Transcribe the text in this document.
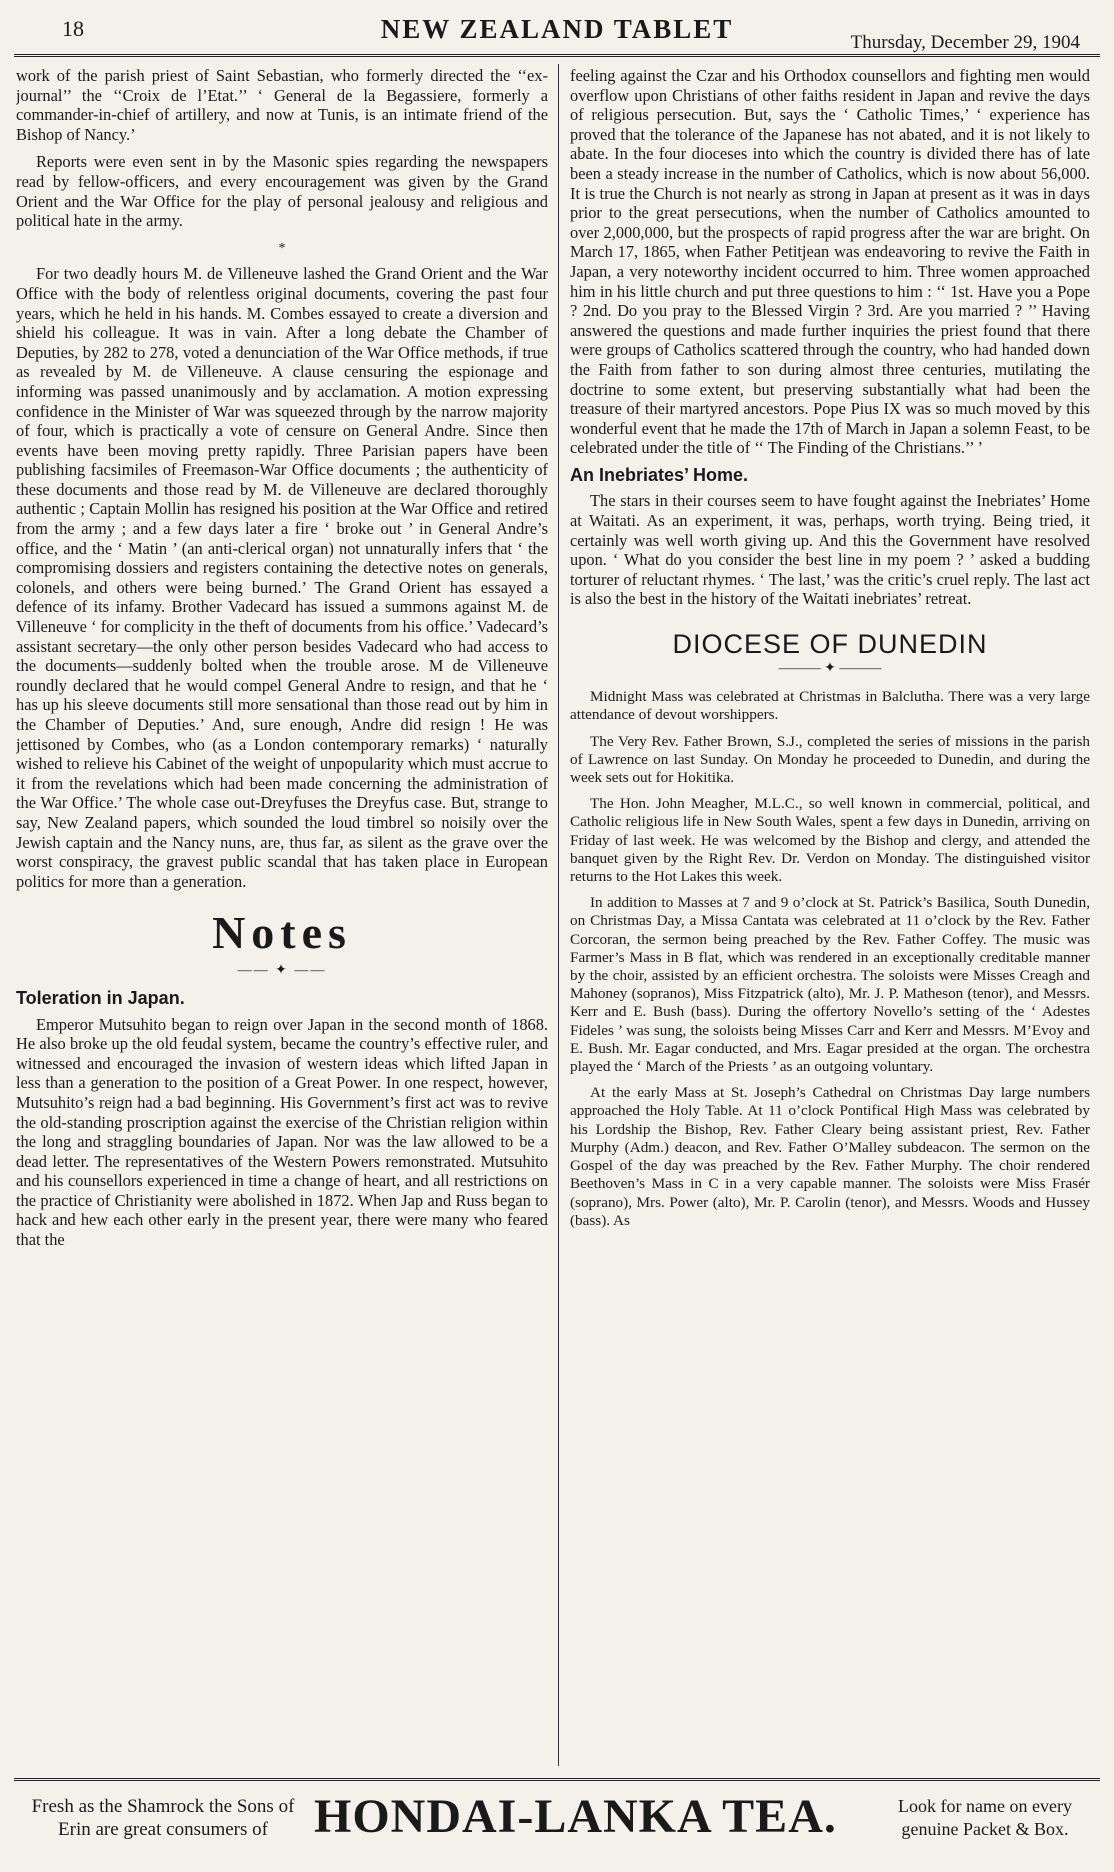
18	NEW ZEALAND TABLET	Thursday, December 29, 1904

work of the parish priest of Saint Sebastian, who formerly directed the ‘‘ex-journal’’ the ‘‘Croix de l’Etat.’’ ‘ General de la Begassiere, formerly a commander-in-chief of artillery, and now at Tunis, is an intimate friend of the Bishop of Nancy.’

Reports were even sent in by the Masonic spies regarding the newspapers read by fellow-officers, and every encouragement was given by the Grand Orient and the War Office for the play of personal jealousy and religious and political hate in the army.

*

For two deadly hours M. de Villeneuve lashed the Grand Orient and the War Office with the body of relentless original documents, covering the past four years, which he held in his hands. M. Combes essayed to create a diversion and shield his colleague. It was in vain. After a long debate the Chamber of Deputies, by 282 to 278, voted a denunciation of the War Office methods, if true as revealed by M. de Villeneuve. A clause censuring the espionage and informing was passed unanimously and by acclamation. A motion expressing confidence in the Minister of War was squeezed through by the narrow majority of four, which is practically a vote of censure on General Andre. Since then events have been moving pretty rapidly. Three Parisian papers have been publishing facsimiles of Freemason-War Office documents ; the authenticity of these documents and those read by M. de Villeneuve are declared thoroughly authentic ; Captain Mollin has resigned his position at the War Office and retired from the army ; and a few days later a fire ‘ broke out ’ in General Andre’s office, and the ‘ Matin ’ (an anti-clerical organ) not unnaturally infers that ‘ the compromising dossiers and registers containing the detective notes on generals, colonels, and others were being burned.’ The Grand Orient has essayed a defence of its infamy. Brother Vadecard has issued a summons against M. de Villeneuve ‘ for complicity in the theft of documents from his office.’ Vadecard’s assistant secretary—the only other person besides Vadecard who had access to the documents—suddenly bolted when the trouble arose. M de Villeneuve roundly declared that he would compel General Andre to resign, and that he ‘ has up his sleeve documents still more sensational than those read out by him in the Chamber of Deputies.’ And, sure enough, Andre did resign ! He was jettisoned by Combes, who (as a London contemporary remarks) ‘ naturally wished to relieve his Cabinet of the weight of unpopularity which must accrue to it from the revelations which had been made concerning the administration of the War Office.’ The whole case out-Dreyfuses the Dreyfus case. But, strange to say, New Zealand papers, which sounded the loud timbrel so noisily over the Jewish captain and the Nancy nuns, are, thus far, as silent as the grave over the worst conspiracy, the gravest public scandal that has taken place in European politics for more than a generation.

Notes
—— ✦ ——
Toleration in Japan.

Emperor Mutsuhito began to reign over Japan in the second month of 1868. He also broke up the old feudal system, became the country’s effective ruler, and witnessed and encouraged the invasion of western ideas which lifted Japan in less than a generation to the position of a Great Power. In one respect, however, Mutsuhito’s reign had a bad beginning. His Government’s first act was to revive the old-standing proscription against the exercise of the Christian religion within the long and straggling boundaries of Japan. Nor was the law allowed to be a dead letter. The representatives of the Western Powers remonstrated. Mutsuhito and his counsellors experienced in time a change of heart, and all restrictions on the practice of Christianity were abolished in 1872. When Jap and Russ began to hack and hew each other early in the present year, there were many who feared that the

feeling against the Czar and his Orthodox counsellors and fighting men would overflow upon Christians of other faiths resident in Japan and revive the days of religious persecution. But, says the ‘ Catholic Times,’ ‘ experience has proved that the tolerance of the Japanese has not abated, and it is not likely to abate. In the four dioceses into which the country is divided there has of late been a steady increase in the number of Catholics, which is now about 56,000. It is true the Church is not nearly as strong in Japan at present as it was in days prior to the great persecutions, when the number of Catholics amounted to over 2,000,000, but the prospects of rapid progress after the war are bright. On March 17, 1865, when Father Petitjean was endeavoring to revive the Faith in Japan, a very noteworthy incident occurred to him. Three women approached him in his little church and put three questions to him : ‘‘ 1st. Have you a Pope ? 2nd. Do you pray to the Blessed Virgin ? 3rd. Are you married ? ’’ Having answered the questions and made further inquiries the priest found that there were groups of Catholics scattered through the country, who had handed down the Faith from father to son during almost three centuries, mutilating the doctrine to some extent, but preserving substantially what had been the treasure of their martyred ancestors. Pope Pius IX was so much moved by this wonderful event that he made the 17th of March in Japan a solemn Feast, to be celebrated under the title of ‘‘ The Finding of the Christians.’’ ’

An Inebriates’ Home.

The stars in their courses seem to have fought against the Inebriates’ Home at Waitati. As an experiment, it was, perhaps, worth trying. Being tried, it certainly was well worth giving up. And this the Government have resolved upon. ‘ What do you consider the best line in my poem ? ’ asked a budding torturer of reluctant rhymes. ‘ The last,’ was the critic’s cruel reply. The last act is also the best in the history of the Waitati inebriates’ retreat.

DIOCESE OF DUNEDIN
——— ✦ ———

Midnight Mass was celebrated at Christmas in Balclutha. There was a very large attendance of devout worshippers.

The Very Rev. Father Brown, S.J., completed the series of missions in the parish of Lawrence on last Sunday. On Monday he proceeded to Dunedin, and during the week sets out for Hokitika.

The Hon. John Meagher, M.L.C., so well known in commercial, political, and Catholic religious life in New South Wales, spent a few days in Dunedin, arriving on Friday of last week. He was welcomed by the Bishop and clergy, and attended the banquet given by the Right Rev. Dr. Verdon on Monday. The distinguished visitor returns to the Hot Lakes this week.

In addition to Masses at 7 and 9 o’clock at St. Patrick’s Basilica, South Dunedin, on Christmas Day, a Missa Cantata was celebrated at 11 o’clock by the Rev. Father Corcoran, the sermon being preached by the Rev. Father Coffey. The music was Farmer’s Mass in B flat, which was rendered in an exceptionally creditable manner by the choir, assisted by an efficient orchestra. The soloists were Misses Creagh and Mahoney (sopranos), Miss Fitzpatrick (alto), Mr. J. P. Matheson (tenor), and Messrs. Kerr and E. Bush (bass). During the offertory Novello’s setting of the ‘ Adestes Fideles ’ was sung, the soloists being Misses Carr and Kerr and Messrs. M’Evoy and E. Bush. Mr. Eagar conducted, and Mrs. Eagar presided at the organ. The orchestra played the ‘ March of the Priests ’ as an outgoing voluntary.

At the early Mass at St. Joseph’s Cathedral on Christmas Day large numbers approached the Holy Table. At 11 o’clock Pontifical High Mass was celebrated by his Lordship the Bishop, Rev. Father Cleary being assistant priest, Rev. Father Murphy (Adm.) deacon, and Rev. Father O’Malley subdeacon. The sermon on the Gospel of the day was preached by the Rev. Father Murphy. The choir rendered Beethoven’s Mass in C in a very capable manner. The soloists were Miss Frasér (soprano), Mrs. Power (alto), Mr. P. Carolin (tenor), and Messrs. Woods and Hussey (bass). As

Fresh as the Shamrock the Sons of Erin are great consumers of HONDAI-LANKA TEA.	Look for name on every genuine Packet & Box.
